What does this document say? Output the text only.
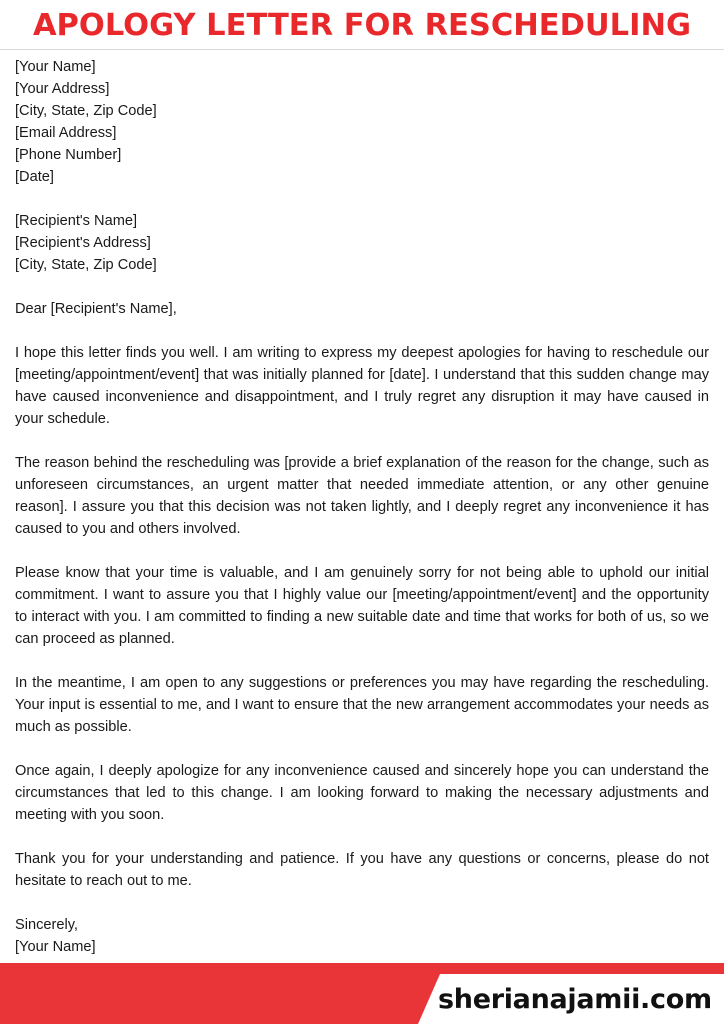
APOLOGY LETTER FOR RESCHEDULING
[Your Name]
[Your Address]
[City, State, Zip Code]
[Email Address]
[Phone Number]
[Date]
[Recipient's Name]
[Recipient's Address]
[City, State, Zip Code]
Dear [Recipient's Name],

I hope this letter finds you well. I am writing to express my deepest apologies for having to reschedule our [meeting/appointment/event] that was initially planned for [date]. I understand that this sudden change may have caused inconvenience and disappointment, and I truly regret any disruption it may have caused in your schedule.

The reason behind the rescheduling was [provide a brief explanation of the reason for the change, such as unforeseen circumstances, an urgent matter that needed immediate attention, or any other genuine reason]. I assure you that this decision was not taken lightly, and I deeply regret any inconvenience it has caused to you and others involved.

Please know that your time is valuable, and I am genuinely sorry for not being able to uphold our initial commitment. I want to assure you that I highly value our [meeting/appointment/event] and the opportunity to interact with you. I am committed to finding a new suitable date and time that works for both of us, so we can proceed as planned.

In the meantime, I am open to any suggestions or preferences you may have regarding the rescheduling. Your input is essential to me, and I want to ensure that the new arrangement accommodates your needs as much as possible.

Once again, I deeply apologize for any inconvenience caused and sincerely hope you can understand the circumstances that led to this change. I am looking forward to making the necessary adjustments and meeting with you soon.

Thank you for your understanding and patience. If you have any questions or concerns, please do not hesitate to reach out to me.

Sincerely,
[Your Name]
sherianajamii.com
